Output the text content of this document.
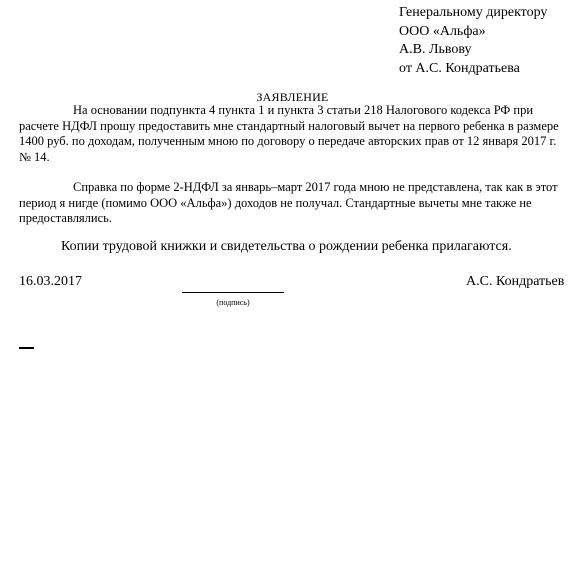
Генеральному директору
ООО «Альфа»
А.В. Львову
от А.С. Кондратьева
ЗАЯВЛЕНИЕ

На основании подпункта 4 пункта 1 и пункта 3 статьи 218 Налогового кодекса РФ при расчете НДФЛ прошу предоставить мне стандартный налоговый вычет на первого ребенка в размере 1400 руб. по доходам, полученным мною по договору о передаче авторских прав от 12 января 2017 г. № 14.

Справка по форме 2-НДФЛ за январь–март 2017 года мною не представлена, так как в этот период я нигде (помимо ООО «Альфа») доходов не получал. Стандартные вычеты мне также не предоставлялись.

Копии трудовой книжки и свидетельства о рождении ребенка прилагаются.
16.03.2017
(подпись)
А.С. Кондратьев
